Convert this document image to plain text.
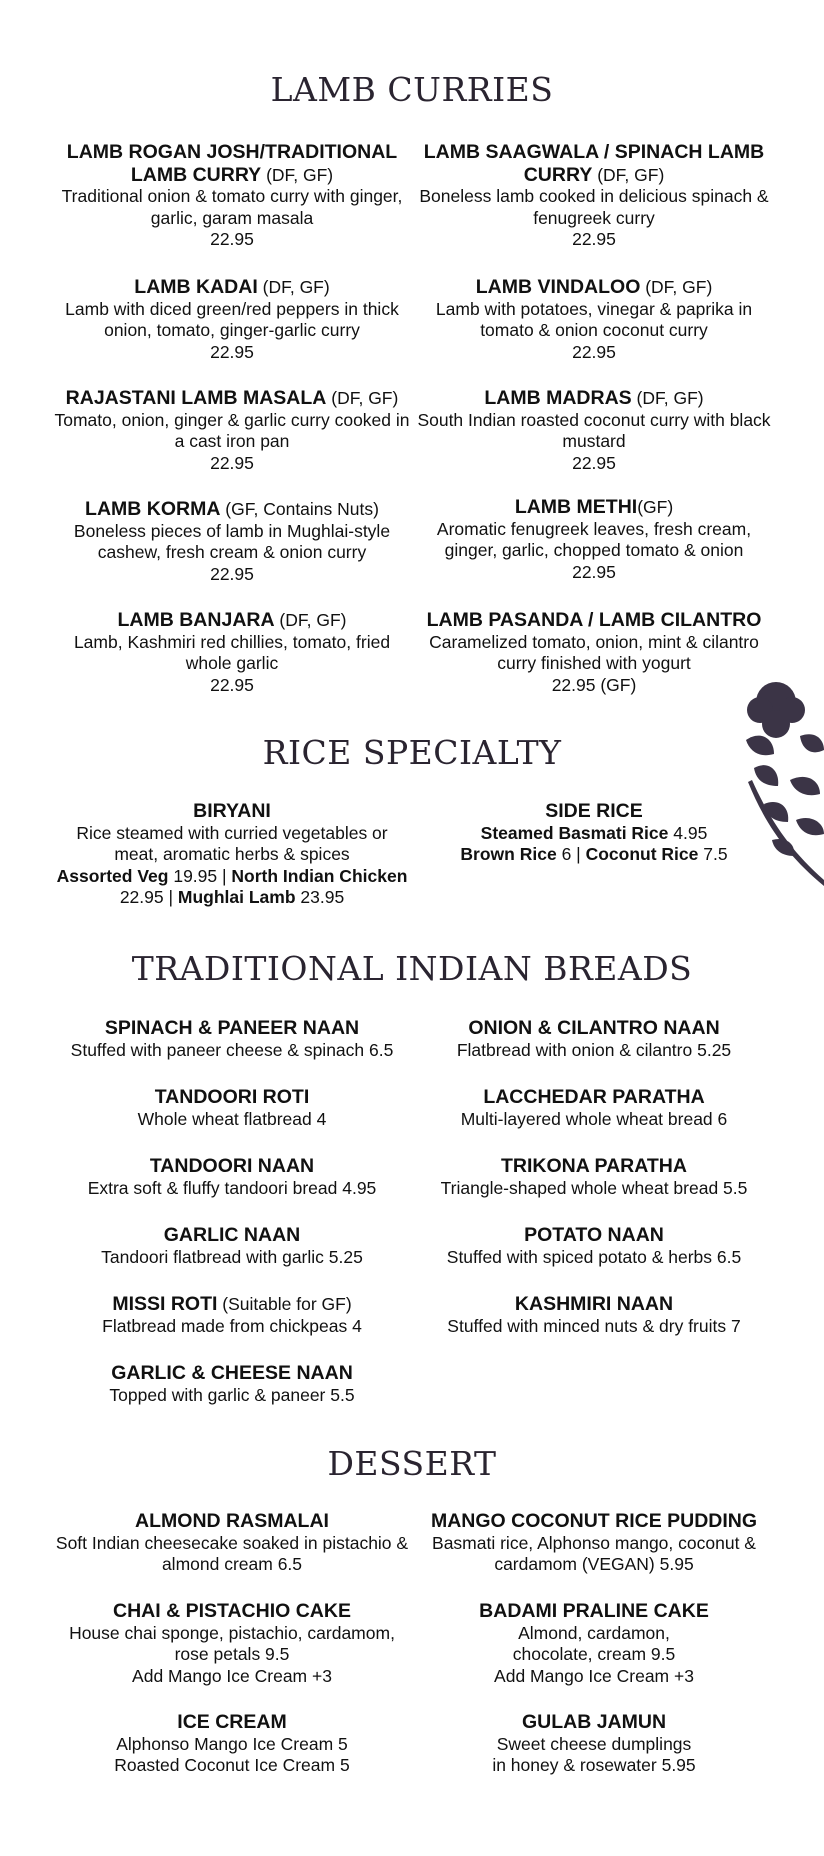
LAMB CURRIES
LAMB ROGAN JOSH/TRADITIONAL LAMB CURRY (DF, GF)
Traditional onion & tomato curry with ginger, garlic, garam masala
22.95
LAMB SAAGWALA / SPINACH LAMB CURRY (DF, GF)
Boneless lamb cooked in delicious spinach & fenugreek curry
22.95
LAMB KADAI (DF, GF)
Lamb with diced green/red peppers in thick onion, tomato, ginger-garlic curry
22.95
LAMB VINDALOO (DF, GF)
Lamb with potatoes, vinegar & paprika in tomato & onion coconut curry
22.95
RAJASTANI LAMB MASALA (DF, GF)
Tomato, onion, ginger & garlic curry cooked in a cast iron pan
22.95
LAMB MADRAS (DF, GF)
South Indian roasted coconut curry with black mustard
22.95
LAMB KORMA (GF, Contains Nuts)
Boneless pieces of lamb in Mughlai-style cashew, fresh cream & onion curry
22.95
LAMB METHI(GF)
Aromatic fenugreek leaves, fresh cream, ginger, garlic, chopped tomato & onion
22.95
LAMB BANJARA (DF, GF)
Lamb, Kashmiri red chillies, tomato, fried whole garlic
22.95
LAMB PASANDA / LAMB CILANTRO
Caramelized tomato, onion, mint & cilantro curry finished with yogurt
22.95 (GF)
RICE SPECIALTY
BIRYANI
Rice steamed with curried vegetables or meat, aromatic herbs & spices
Assorted Veg 19.95 | North Indian Chicken 22.95 | Mughlai Lamb 23.95
SIDE RICE
Steamed Basmati Rice 4.95
Brown Rice 6 | Coconut Rice 7.5
TRADITIONAL INDIAN BREADS
SPINACH & PANEER NAAN
Stuffed with paneer cheese & spinach 6.5
ONION & CILANTRO NAAN
Flatbread with onion & cilantro 5.25
TANDOORI ROTI
Whole wheat flatbread 4
LACCHEDAR PARATHA
Multi-layered whole wheat bread 6
TANDOORI NAAN
Extra soft & fluffy tandoori bread 4.95
TRIKONA PARATHA
Triangle-shaped whole wheat bread 5.5
GARLIC NAAN
Tandoori flatbread with garlic 5.25
POTATO NAAN
Stuffed with spiced potato & herbs 6.5
MISSI ROTI (Suitable for GF)
Flatbread made from chickpeas 4
KASHMIRI NAAN
Stuffed with minced nuts & dry fruits 7
GARLIC & CHEESE NAAN
Topped with garlic & paneer 5.5
DESSERT
ALMOND RASMALAI
Soft Indian cheesecake soaked in pistachio & almond cream 6.5
MANGO COCONUT RICE PUDDING
Basmati rice, Alphonso mango, coconut & cardamom (VEGAN) 5.95
CHAI & PISTACHIO CAKE
House chai sponge, pistachio, cardamom, rose petals 9.5
Add Mango Ice Cream +3
BADAMI PRALINE CAKE
Almond, cardamon, chocolate, cream 9.5
Add Mango Ice Cream +3
ICE CREAM
Alphonso Mango Ice Cream 5
Roasted Coconut Ice Cream 5
GULAB JAMUN
Sweet cheese dumplings
in honey & rosewater 5.95
